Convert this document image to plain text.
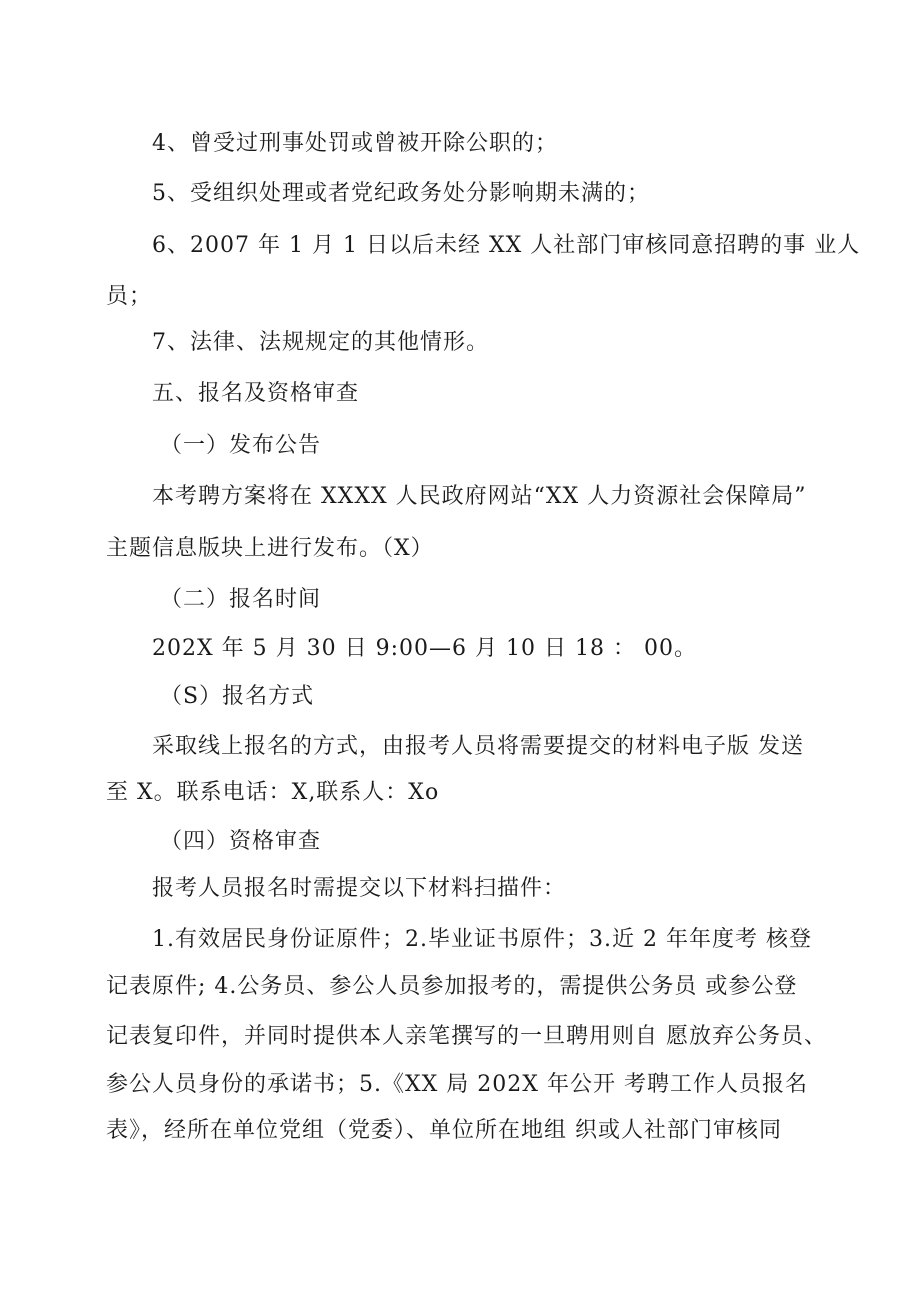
4、曾受过刑事处罚或曾被开除公职的；
5、受组织处理或者党纪政务处分影响期未满的；
6、2007 年 1 月 1 日以后未经 XX 人社部门审核同意招聘的事 业人
员；
7、法律、法规规定的其他情形。
五、报名及资格审查
（一）发布公告
本考聘方案将在 XXXX 人民政府网站“XX 人力资源社会保障局”
主题信息版块上进行发布。（X）
（二）报名时间
202X 年 5 月 30 日 9:00—6 月 10 日 18 ： 00。
（S）报名方式
采取线上报名的方式，由报考人员将需要提交的材料电子版 发送
至 X。联系电话：X,联系人：Xo
（四）资格审查
报考人员报名时需提交以下材料扫描件：
1.有效居民身份证原件；2.毕业证书原件；3.近 2 年年度考 核登
记表原件; 4.公务员、参公人员参加报考的，需提供公务员 或参公登
记表复印件，并同时提供本人亲笔撰写的一旦聘用则自 愿放弃公务员、
参公人员身份的承诺书；5.《XX 局 202X 年公开 考聘工作人员报名
表》，经所在单位党组（党委）、单位所在地组 织或人社部门审核同
